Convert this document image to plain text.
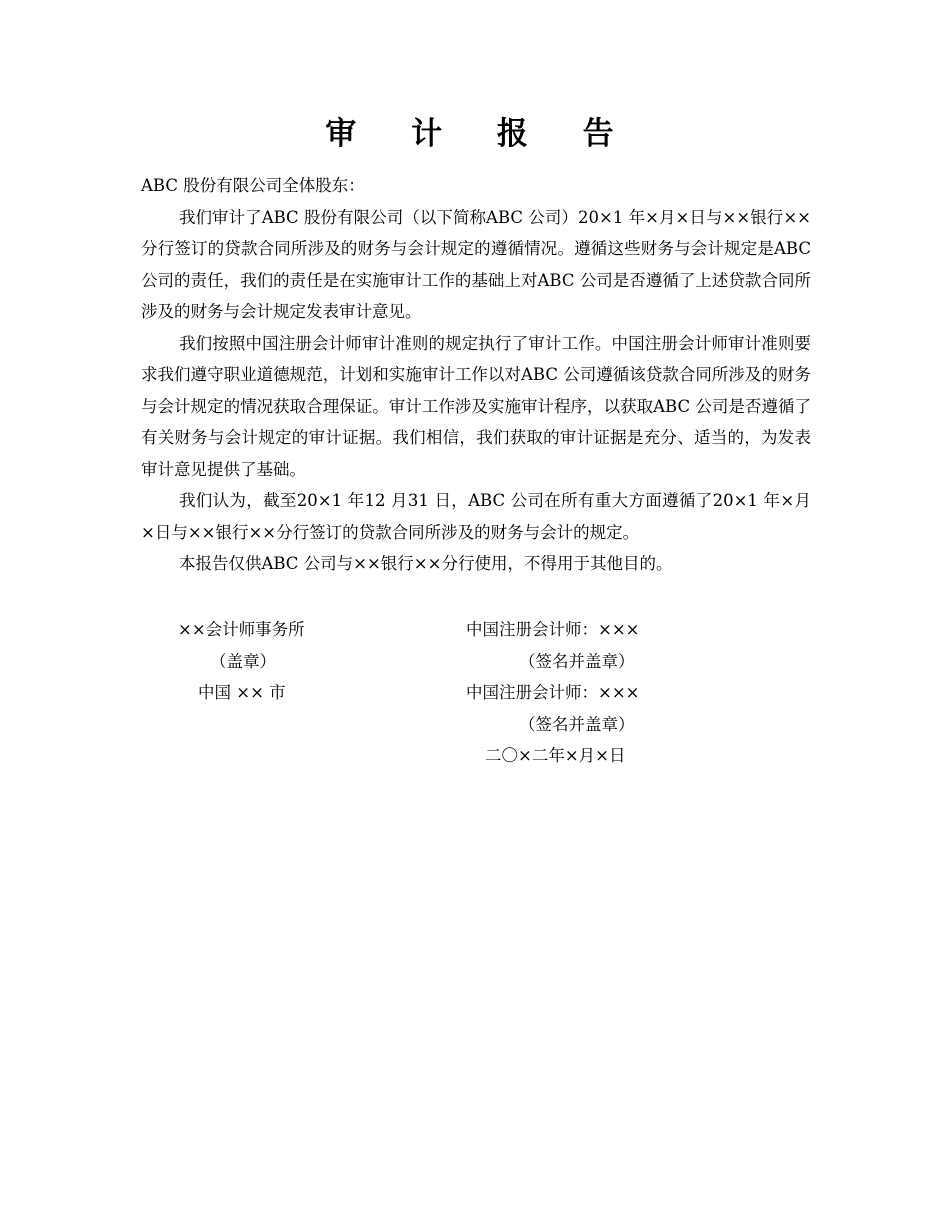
审 计 报 告

ABC 股份有限公司全体股东：

我们审计了ABC 股份有限公司（以下简称ABC 公司）20×1 年×月×日与××银行××分行签订的贷款合同所涉及的财务与会计规定的遵循情况。遵循这些财务与会计规定是ABC 公司的责任，我们的责任是在实施审计工作的基础上对ABC 公司是否遵循了上述贷款合同所涉及的财务与会计规定发表审计意见。

我们按照中国注册会计师审计准则的规定执行了审计工作。中国注册会计师审计准则要求我们遵守职业道德规范，计划和实施审计工作以对ABC 公司遵循该贷款合同所涉及的财务与会计规定的情况获取合理保证。审计工作涉及实施审计程序，以获取ABC 公司是否遵循了有关财务与会计规定的审计证据。我们相信，我们获取的审计证据是充分、适当的，为发表审计意见提供了基础。

我们认为，截至20×1 年12 月31 日，ABC 公司在所有重大方面遵循了20×1 年×月×日与××银行××分行签订的贷款合同所涉及的财务与会计的规定。

本报告仅供ABC 公司与××银行××分行使用，不得用于其他目的。

××会计师事务所
（盖章）
中国 ×× 市
中国注册会计师：×××
（签名并盖章）
中国注册会计师：×××
（签名并盖章）
二〇×二年×月×日
